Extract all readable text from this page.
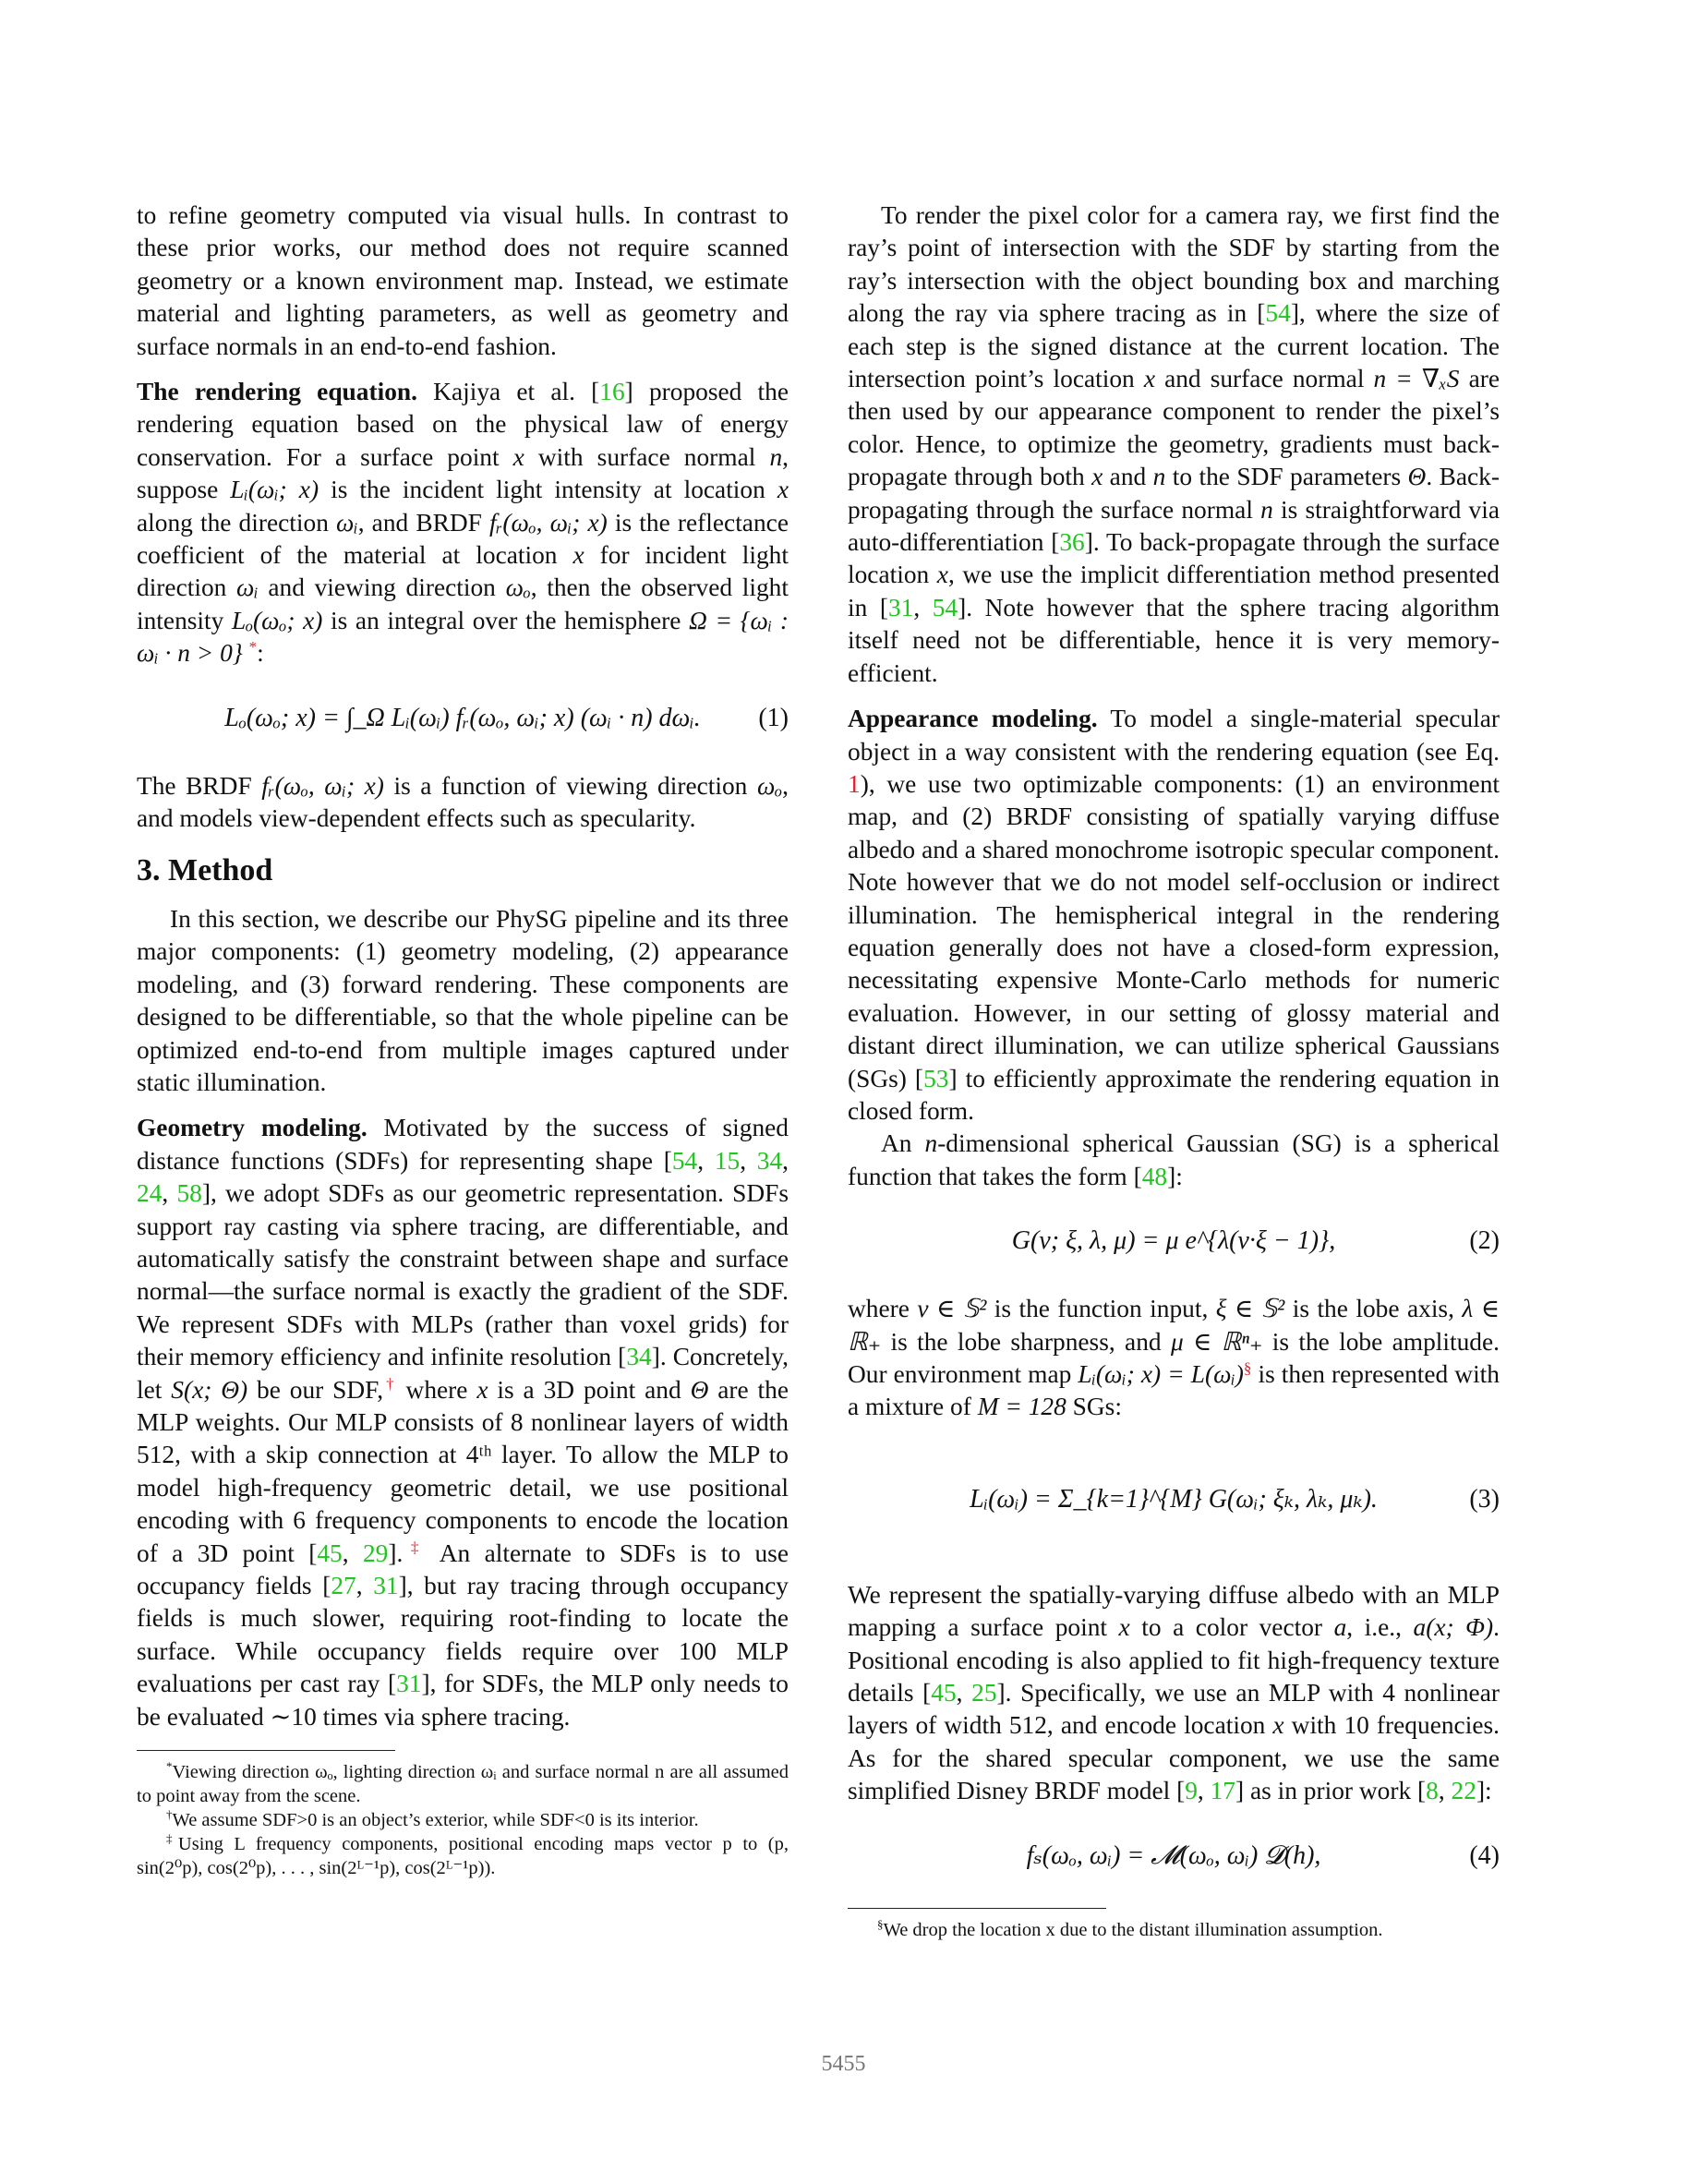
to refine geometry computed via visual hulls. In contrast to these prior works, our method does not require scanned geometry or a known environment map. Instead, we estimate material and lighting parameters, as well as geometry and surface normals in an end-to-end fashion.

The rendering equation. Kajiya et al. [16] proposed the rendering equation based on the physical law of energy conservation. For a surface point x with surface normal n, suppose Lᵢ(ωᵢ; x) is the incident light intensity at location x along the direction ωᵢ, and BRDF fᵣ(ωₒ, ωᵢ; x) is the reflectance coefficient of the material at location x for incident light direction ωᵢ and viewing direction ωₒ, then the observed light intensity Lₒ(ωₒ; x) is an integral over the hemisphere Ω = {ωᵢ : ωᵢ · n > 0} *:

Lₒ(ωₒ; x) = ∫_Ω Lᵢ(ωᵢ) fᵣ(ωₒ, ωᵢ; x) (ωᵢ · n) dωᵢ. (1)

The BRDF fᵣ(ωₒ, ωᵢ; x) is a function of viewing direction ωₒ, and models view-dependent effects such as specularity.

3. Method

In this section, we describe our PhySG pipeline and its three major components: (1) geometry modeling, (2) appearance modeling, and (3) forward rendering. These components are designed to be differentiable, so that the whole pipeline can be optimized end-to-end from multiple images captured under static illumination.

Geometry modeling. Motivated by the success of signed distance functions (SDFs) for representing shape [54, 15, 34, 24, 58], we adopt SDFs as our geometric representation. SDFs support ray casting via sphere tracing, are differentiable, and automatically satisfy the constraint between shape and surface normal—the surface normal is exactly the gradient of the SDF. We represent SDFs with MLPs (rather than voxel grids) for their memory efficiency and infinite resolution [34]. Concretely, let S(x; Θ) be our SDF,† where x is a 3D point and Θ are the MLP weights. Our MLP consists of 8 nonlinear layers of width 512, with a skip connection at 4ᵗʰ layer. To allow the MLP to model high-frequency geometric detail, we use positional encoding with 6 frequency components to encode the location of a 3D point [45, 29].‡ An alternate to SDFs is to use occupancy fields [27, 31], but ray tracing through occupancy fields is much slower, requiring root-finding to locate the surface. While occupancy fields require over 100 MLP evaluations per cast ray [31], for SDFs, the MLP only needs to be evaluated ∼10 times via sphere tracing.

*Viewing direction ωₒ, lighting direction ωᵢ and surface normal n are all assumed to point away from the scene.

†We assume SDF>0 is an object’s exterior, while SDF<0 is its interior.

‡Using L frequency components, positional encoding maps vector p to (p, sin(2⁰p), cos(2⁰p), . . . , sin(2ᴸ⁻¹p), cos(2ᴸ⁻¹p)).

To render the pixel color for a camera ray, we first find the ray’s point of intersection with the SDF by starting from the ray’s intersection with the object bounding box and marching along the ray via sphere tracing as in [54], where the size of each step is the signed distance at the current location. The intersection point’s location x and surface normal n = ∇ₓS are then used by our appearance component to render the pixel’s color. Hence, to optimize the geometry, gradients must back-propagate through both x and n to the SDF parameters Θ. Back-propagating through the surface normal n is straightforward via auto-differentiation [36]. To back-propagate through the surface location x, we use the implicit differentiation method presented in [31, 54]. Note however that the sphere tracing algorithm itself need not be differentiable, hence it is very memory-efficient.

Appearance modeling. To model a single-material specular object in a way consistent with the rendering equation (see Eq. 1), we use two optimizable components: (1) an environment map, and (2) BRDF consisting of spatially varying diffuse albedo and a shared monochrome isotropic specular component. Note however that we do not model self-occlusion or indirect illumination. The hemispherical integral in the rendering equation generally does not have a closed-form expression, necessitating expensive Monte-Carlo methods for numeric evaluation. However, in our setting of glossy material and distant direct illumination, we can utilize spherical Gaussians (SGs) [53] to efficiently approximate the rendering equation in closed form.

An n-dimensional spherical Gaussian (SG) is a spherical function that takes the form [48]:

G(ν; ξ, λ, μ) = μ e^{λ(ν·ξ − 1)},	(2)

where ν ∈ 𝕊² is the function input, ξ ∈ 𝕊² is the lobe axis, λ ∈ ℝ₊ is the lobe sharpness, and μ ∈ ℝⁿ₊ is the lobe amplitude. Our environment map Lᵢ(ωᵢ; x) = L(ωᵢ)§ is then represented with a mixture of M = 128 SGs:

Lᵢ(ωᵢ) = Σ_{k=1}^{M} G(ωᵢ; ξₖ, λₖ, μₖ).	(3)

We represent the spatially-varying diffuse albedo with an MLP mapping a surface point x to a color vector a, i.e., a(x; Φ). Positional encoding is also applied to fit high-frequency texture details [45, 25]. Specifically, we use an MLP with 4 nonlinear layers of width 512, and encode location x with 10 frequencies. As for the shared specular component, we use the same simplified Disney BRDF model [9, 17] as in prior work [8, 22]:

fₛ(ωₒ, ωᵢ) = 𝓜(ωₒ, ωᵢ) 𝓓(h),	(4)

§We drop the location x due to the distant illumination assumption.

5455
